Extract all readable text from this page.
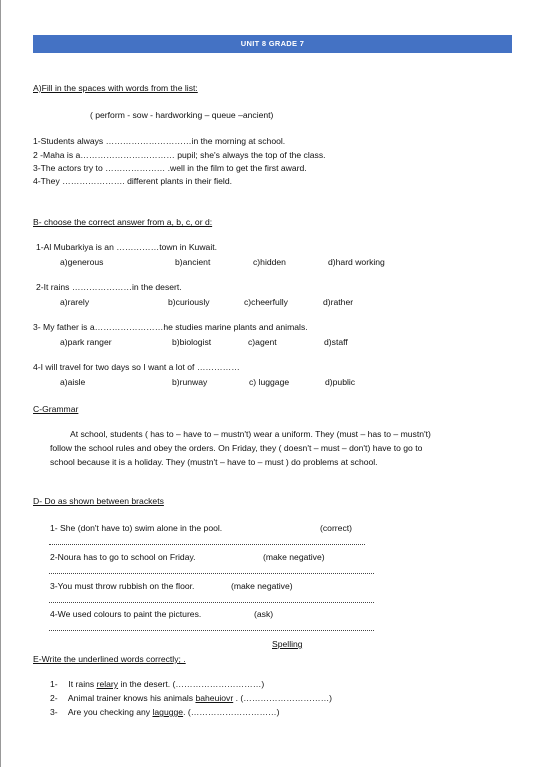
UNIT 8 GRADE 7
A)Fill in the spaces with words from the list:
( perform - sow - hardworking – queue –ancient)
1-Students always …………………………in the morning at school.
2 -Maha is a…………………………… pupil; she's always the top of the class.
3-The actors try to ………………… .well in the film to get the first award.
4-They …………………. different plants in their field.
B- choose the correct answer from a, b, c, or d:
1-Al Mubarkiya is an ……………town in Kuwait.
a)generous	b)ancient	c)hidden	d)hard working
2-It rains …………………in the desert.
a)rarely	b)curiously	c)cheerfully	d)rather
3- My father is a……………………he studies marine plants and animals.
a)park ranger	b)biologist	c)agent	d)staff
4-I will travel for two days so I want a lot of ……………
a)aisle	b)runway	c) luggage	d)public
C-Grammar
At school, students ( has to – have to – mustn't) wear a uniform. They (must – has to – mustn't)
follow the school rules and obey the orders. On Friday, they ( doesn't – must – don't) have to go to
school because it is a holiday. They (mustn't – have to – must ) do problems at school.
D- Do as shown between brackets
1- She (don't have to) swim alone in the pool.	(correct)
2-Noura has to go to school on Friday.	(make negative)
3-You must throw rubbish on the floor.	(make negative)
4-We used colours to paint the pictures.	(ask)
Spelling
E-Write the underlined words correctly; .
1- It rains relary in the desert. (…………………………)
2- Animal trainer knows his animals baheuiovr . (…………………………)
3- Are you checking any lagugge. (…………………………)
